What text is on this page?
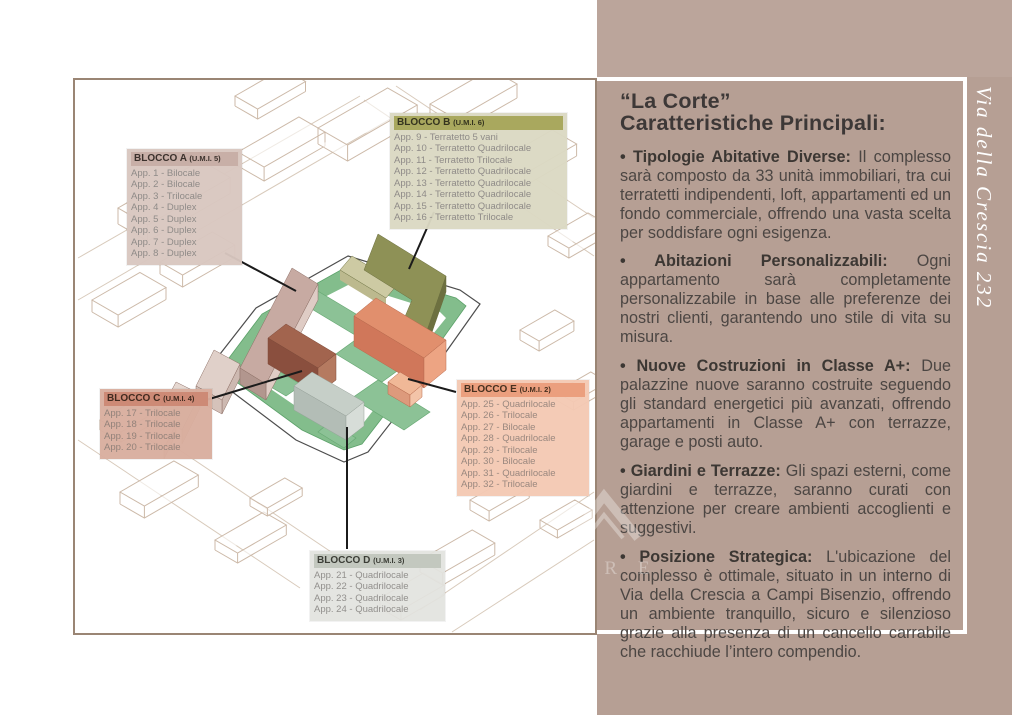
BLOCCO A (U.M.I. 5)
App. 1 - Bilocale
App. 2 - Bilocale
App. 3 - Trilocale
App. 4 - Duplex
App. 5 - Duplex
App. 6 - Duplex
App. 7 - Duplex
App. 8 - Duplex
BLOCCO B (U.M.I. 6)
App. 9 - Terratetto 5 vani
App. 10 - Terratetto Quadrilocale
App. 11 - Terratetto Trilocale
App. 12 - Terratetto Quadrilocale
App. 13 - Terratetto Quadrilocale
App. 14 - Terratetto Quadrilocale
App. 15 - Terratetto Quadrilocale
App. 16 - Terratetto Trilocale
BLOCCO C (U.M.I. 4)
App. 17 - Trilocale
App. 18 - Trilocale
App. 19 - Trilocale
App. 20 - Trilocale
BLOCCO D (U.M.I. 3)
App. 21 - Quadrilocale
App. 22 - Quadrilocale
App. 23 - Quadrilocale
App. 24 - Quadrilocale
BLOCCO E (U.M.I. 2)
App. 25 - Quadrilocale
App. 26 - Trilocale
App. 27 - Bilocale
App. 28 - Quadrilocale
App. 29 - Trilocale
App. 30 - Bilocale
App. 31 - Quadrilocale
App. 32 - Trilocale
“La Corte”
Caratteristiche Principali:
• Tipologie Abitative Diverse: Il complesso sarà composto da 33 unità immobiliari, tra cui terratetti indipendenti, loft, appartamenti ed un fondo commerciale, offrendo una vasta scelta per soddisfare ogni esigenza.
• Abitazioni Personalizzabili: Ogni appartamento sarà completamente personalizzabile in base alle preferenze dei nostri clienti, garantendo uno stile di vita su misura.
• Nuove Costruzioni in Classe A+: Due palazzine nuove saranno costruite seguendo gli standard energetici più avanzati, offrendo appartamenti in Classe A+ con terrazze, garage e posti auto.
• Giardini e Terrazze: Gli spazi esterni, come giardini e terrazze, saranno curati con attenzione per creare ambienti accoglienti e suggestivi.
• Posizione Strategica: L'ubicazione del complesso è ottimale, situato in un interno di Via della Crescia a Campi Bisenzio, offrendo un ambiente tranquillo, sicuro e silenzioso grazie alla presenza di un cancello carrabile che racchiude l’intero compendio.
Via della Crescia 232
A R E
